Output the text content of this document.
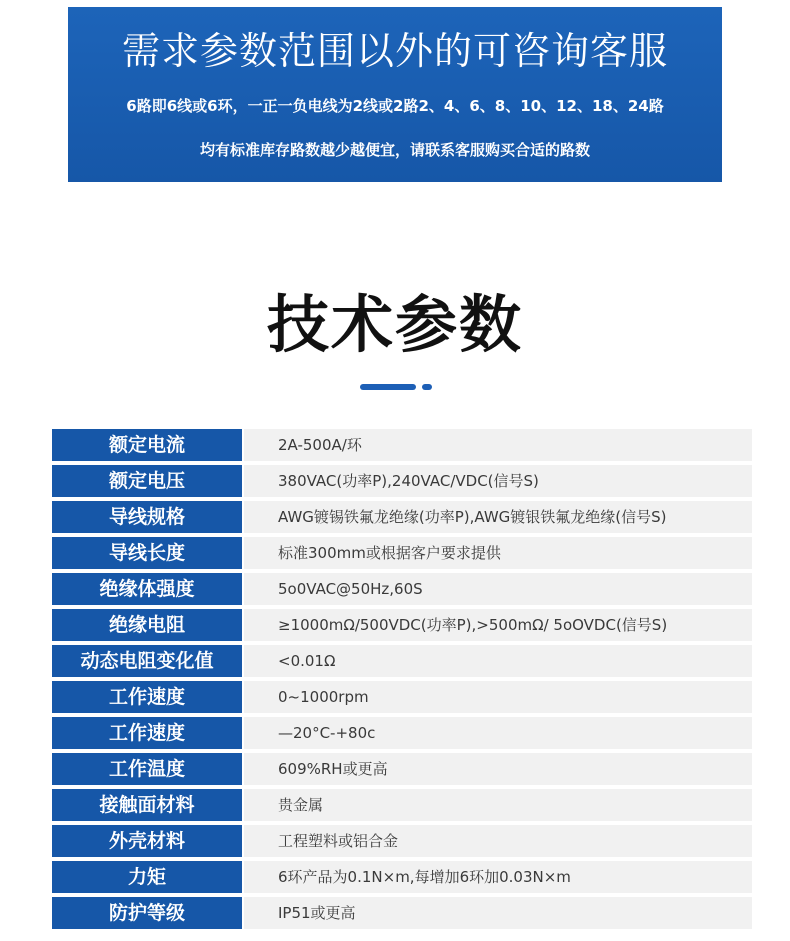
需求参数范围以外的可咨询客服
6路即6线或6环，一正一负电线为2线或2路2、4、6、8、10、12、18、24路
均有标准库存路数越少越便宜，请联系客服购买合适的路数
技术参数
额定电流	2A-500A/环
额定电压	380VAC(功率P),240VAC/VDC(信号S)
导线规格	AWG镀锡铁氟龙绝缘(功率P),AWG镀银铁氟龙绝缘(信号S)
导线长度	标准300mm或根据客户要求提供
绝缘体强度	5o0VAC@50Hz,60S
绝缘电阻	≥1000mΩ/500VDC(功率P),>500mΩ/ 5oOVDC(信号S)
动态电阻变化值	<0.01Ω
工作速度	0~1000rpm
工作速度	—20°C-+80c
工作温度	609%RH或更高
接触面材料	贵金属
外壳材料	工程塑料或铝合金
力矩	6环产品为0.1N×m,每增加6环加0.03N×m
防护等级	IP51或更高
